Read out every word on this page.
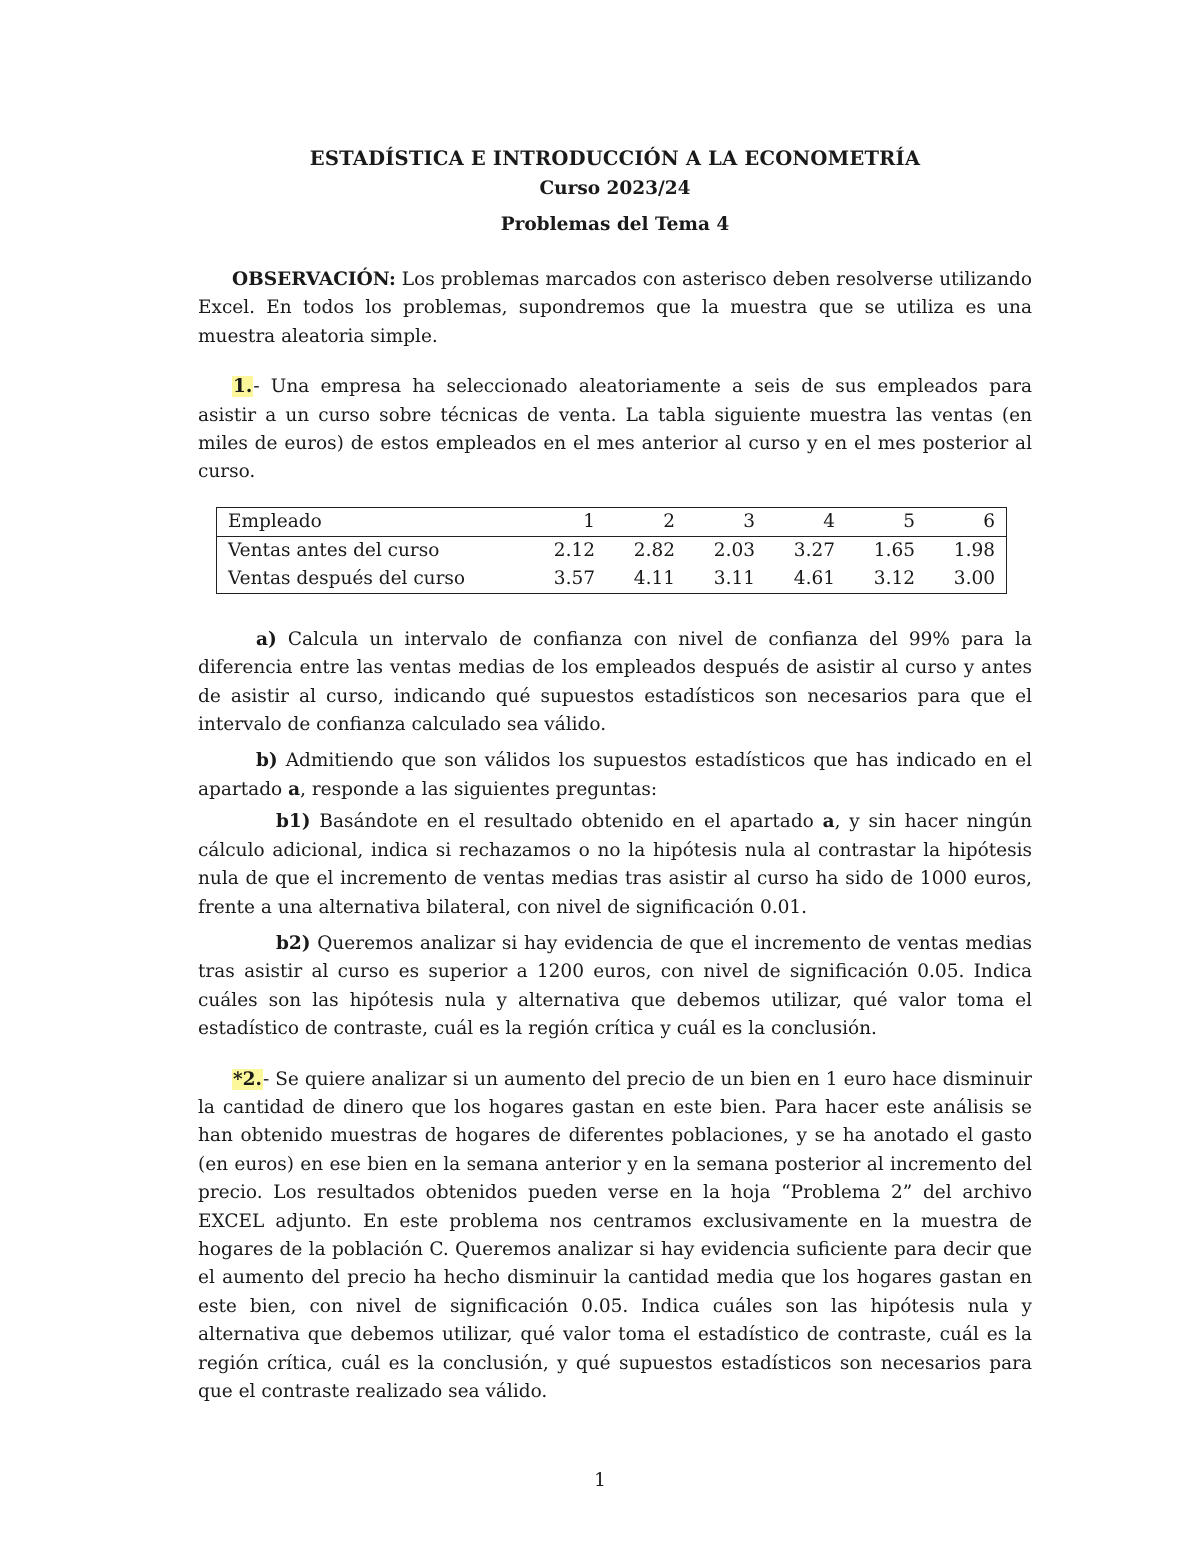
ESTADÍSTICA E INTRODUCCIÓN A LA ECONOMETRÍA
Curso 2023/24
Problemas del Tema 4

OBSERVACIÓN: Los problemas marcados con asterisco deben resolverse utilizando Excel. En todos los problemas, supondremos que la muestra que se utiliza es una muestra aleatoria simple.

1.- Una empresa ha seleccionado aleatoriamente a seis de sus empleados para asistir a un curso sobre técnicas de venta. La tabla siguiente muestra las ventas (en miles de euros) de estos empleados en el mes anterior al curso y en el mes posterior al curso.

Empleado	1	2	3	4	5	6
Ventas antes del curso	2.12	2.82	2.03	3.27	1.65	1.98
Ventas después del curso	3.57	4.11	3.11	4.61	3.12	3.00

a) Calcula un intervalo de confianza con nivel de confianza del 99% para la diferencia entre las ventas medias de los empleados después de asistir al curso y antes de asistir al curso, indicando qué supuestos estadísticos son necesarios para que el intervalo de confianza calculado sea válido.

b) Admitiendo que son válidos los supuestos estadísticos que has indicado en el apartado a, responde a las siguientes preguntas:

b1) Basándote en el resultado obtenido en el apartado a, y sin hacer ningún cálculo adicional, indica si rechazamos o no la hipótesis nula al contrastar la hipótesis nula de que el incremento de ventas medias tras asistir al curso ha sido de 1000 euros, frente a una alternativa bilateral, con nivel de significación 0.01.

b2) Queremos analizar si hay evidencia de que el incremento de ventas medias tras asistir al curso es superior a 1200 euros, con nivel de significación 0.05. Indica cuáles son las hipótesis nula y alternativa que debemos utilizar, qué valor toma el estadístico de contraste, cuál es la región crítica y cuál es la conclusión.

*2.- Se quiere analizar si un aumento del precio de un bien en 1 euro hace disminuir la cantidad de dinero que los hogares gastan en este bien. Para hacer este análisis se han obtenido muestras de hogares de diferentes poblaciones, y se ha anotado el gasto (en euros) en ese bien en la semana anterior y en la semana posterior al incremento del precio. Los resultados obtenidos pueden verse en la hoja “Problema 2” del archivo EXCEL adjunto. En este problema nos centramos exclusivamente en la muestra de hogares de la población C. Queremos analizar si hay evidencia suficiente para decir que el aumento del precio ha hecho disminuir la cantidad media que los hogares gastan en este bien, con nivel de significación 0.05. Indica cuáles son las hipótesis nula y alternativa que debemos utilizar, qué valor toma el estadístico de contraste, cuál es la región crítica, cuál es la conclusión, y qué supuestos estadísticos son necesarios para que el contraste realizado sea válido.

1
